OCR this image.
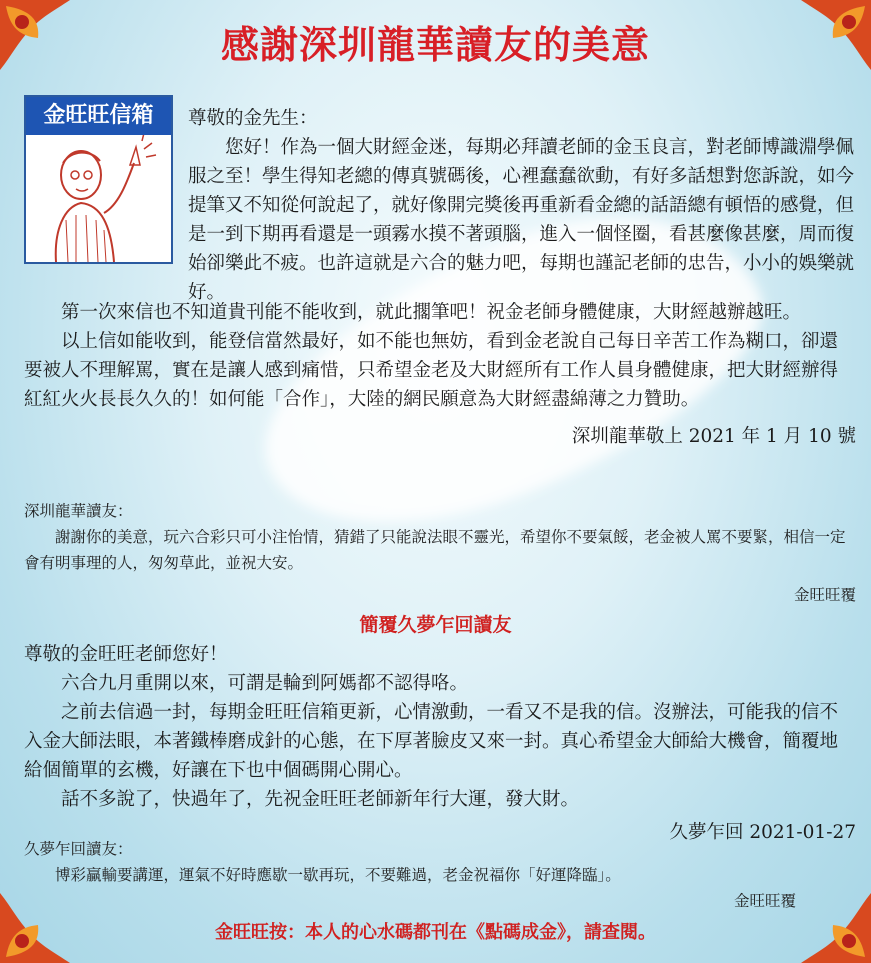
感謝深圳龍華讀友的美意
金旺旺信箱	尊敬的金先生：

您好！作為一個大財經金迷，每期必拜讀老師的金玉良言，對老師博識淵學佩服之至！學生得知老總的傳真號碼後，心裡蠢蠢欲動，有好多話想對您訴說，如今提筆又不知從何說起了，就好像開完獎後再重新看金總的話語總有頓悟的感覺，但是一到下期再看還是一頭霧水摸不著頭腦，進入一個怪圈，看甚麼像甚麼，周而復始卻樂此不疲。也許這就是六合的魅力吧，每期也謹記老師的忠告，小小的娛樂就好。

第一次來信也不知道貴刊能不能收到，就此擱筆吧！祝金老師身體健康，大財經越辦越旺。

以上信如能收到，能登信當然最好，如不能也無妨，看到金老說自己每日辛苦工作為糊口，卻還要被人不理解罵，實在是讓人感到痛惜，只希望金老及大財經所有工作人員身體健康，把大財經辦得紅紅火火長長久久的！如何能「合作」，大陸的網民願意為大財經盡綿薄之力贊助。

深圳龍華敬上 2021 年 1 月 10 號

深圳龍華讀友：

謝謝你的美意，玩六合彩只可小注怡情，猜錯了只能說法眼不靈光，希望你不要氣餒，老金被人罵不要緊，相信一定會有明事理的人，匆匆草此，並祝大安。

金旺旺覆

簡覆久夢乍回讀友

尊敬的金旺旺老師您好！

六合九月重開以來，可謂是輪到阿媽都不認得咯。

之前去信過一封，每期金旺旺信箱更新，心情激動，一看又不是我的信。沒辦法，可能我的信不入金大師法眼，本著鐵棒磨成針的心態，在下厚著臉皮又來一封。真心希望金大師給大機會，簡覆地給個簡單的玄機，好讓在下也中個碼開心開心。

話不多說了，快過年了，先祝金旺旺老師新年行大運，發大財。

久夢乍回 2021-01-27

久夢乍回讀友：

博彩贏輸要講運，運氣不好時應歇一歇再玩，不要難過，老金祝福你「好運降臨」。

金旺旺覆

金旺旺按：本人的心水碼都刊在《點碼成金》，請查閱。
